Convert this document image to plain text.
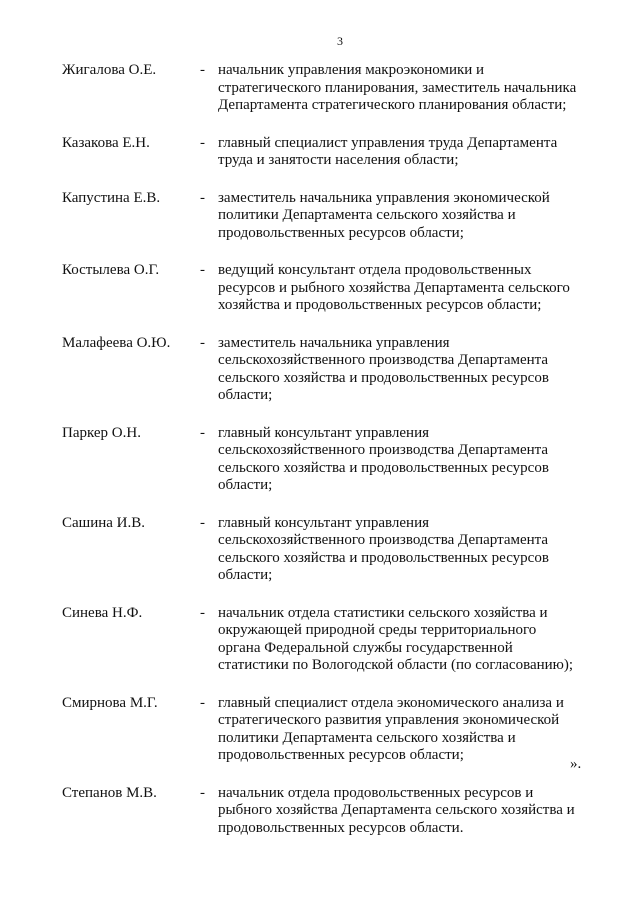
3
Жигалова О.Е.	- начальник управления макроэкономики и
стратегического планирования, заместитель начальника
Департамента стратегического планирования области;
Казакова Е.Н.	- главный специалист управления труда Департамента
труда и занятости населения области;
Капустина Е.В.	- заместитель начальника управления экономической
политики Департамента сельского хозяйства и
продовольственных ресурсов области;
Костылева О.Г.	- ведущий консультант отдела продовольственных
ресурсов и рыбного хозяйства Департамента сельского
хозяйства и продовольственных ресурсов области;
Малафеева О.Ю.	- заместитель начальника управления
сельскохозяйственного производства Департамента
сельского хозяйства и продовольственных ресурсов
области;
Паркер О.Н.	- главный консультант управления
сельскохозяйственного производства Департамента
сельского хозяйства и продовольственных ресурсов
области;
Сашина И.В.	- главный консультант управления
сельскохозяйственного производства Департамента
сельского хозяйства и продовольственных ресурсов
области;
Синева Н.Ф.	- начальник отдела статистики сельского хозяйства и
окружающей природной среды территориального
органа Федеральной службы государственной
статистики по Вологодской области (по согласованию);
Смирнова М.Г.	- главный специалист отдела экономического анализа и
стратегического развития управления экономической
политики Департамента сельского хозяйства и
продовольственных ресурсов области;
Степанов М.В.	- начальник отдела продовольственных ресурсов и
рыбного хозяйства Департамента сельского хозяйства и
продовольственных ресурсов области.
».
